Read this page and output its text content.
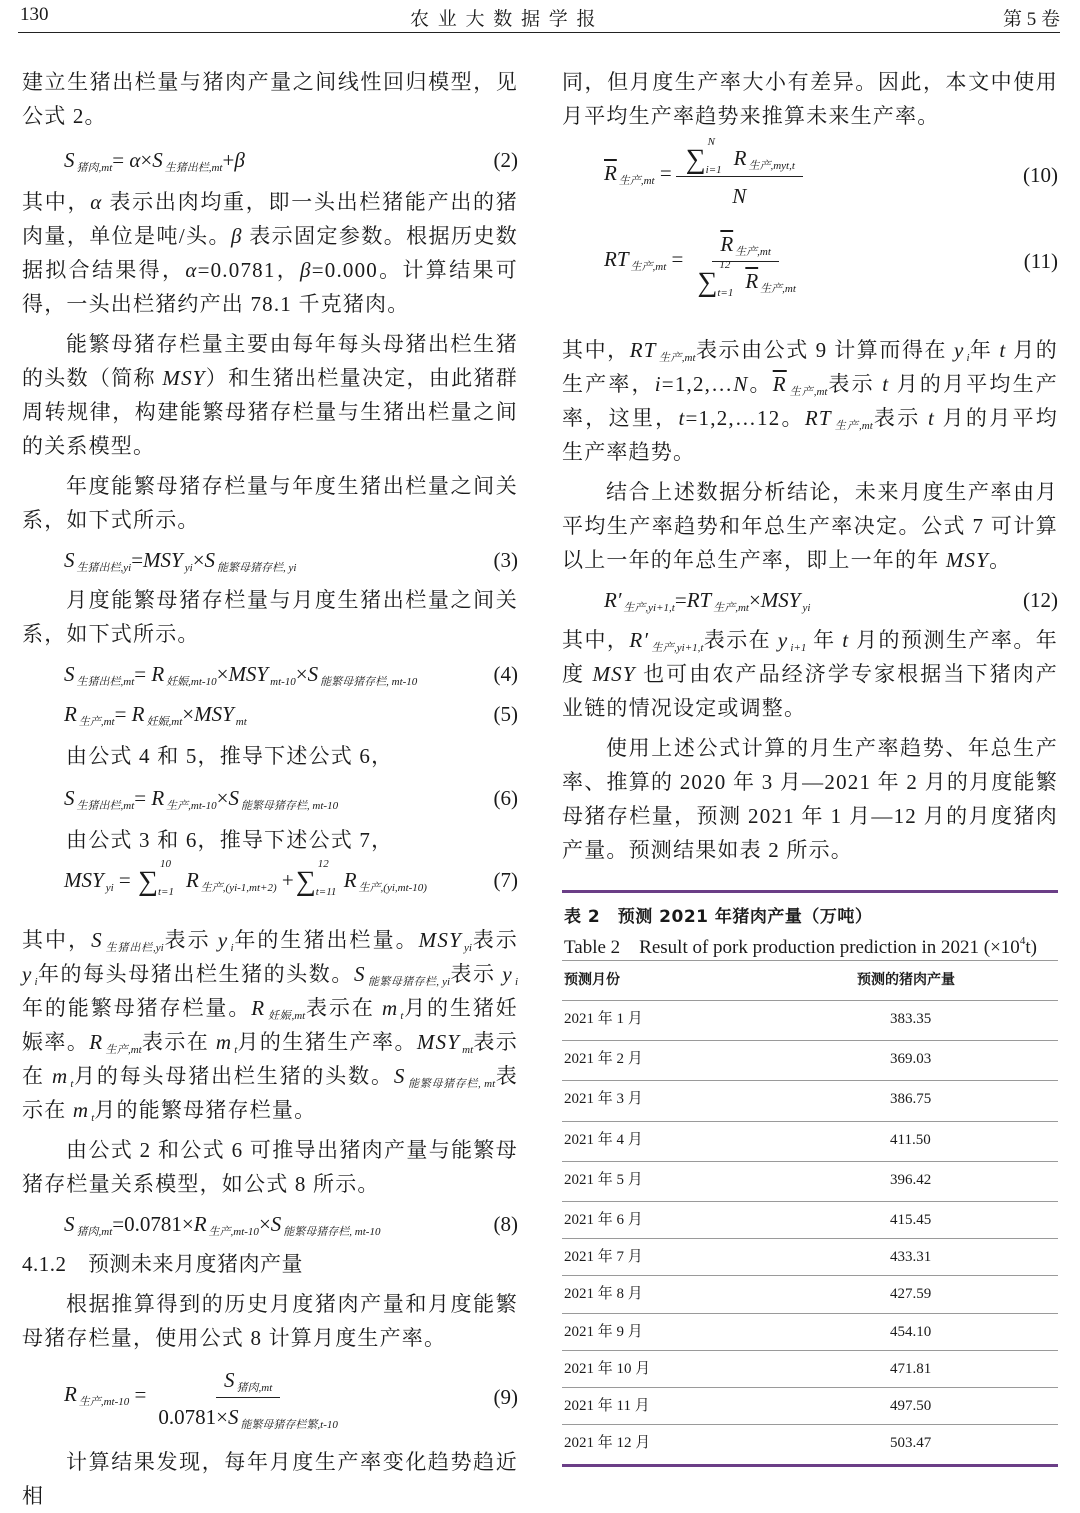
130	农 业 大 数 据 学 报	第 5 卷
建立生猪出栏量与猪肉产量之间线性回归模型，见公式 2。
S $_{猪肉,mt}$= α×S $_{生猪出栏,mt}$+β	(2)
其中，α 表示出肉均重，即一头出栏猪能产出的猪肉量，单位是吨/头。β 表示固定参数。根据历史数据拟合结果得，α=0.0781，β=0.000。计算结果可得，一头出栏猪约产出 78.1 千克猪肉。
能繁母猪存栏量主要由每年每头母猪出栏生猪的头数（简称 MSY）和生猪出栏量决定，由此猪群周转规律，构建能繁母猪存栏量与生猪出栏量之间的关系模型。
年度能繁母猪存栏量与年度生猪出栏量之间关系，如下式所示。
S $_{生猪出栏,yi}$=MSY $_{yi}$×S $_{能繁母猪存栏, yi}$	(3)
月度能繁母猪存栏量与月度生猪出栏量之间关系，如下式所示。
S $_{生猪出栏,mt}$= R $_{妊娠,mt-10}$×MSY $_{mt-10}$×S $_{能繁母猪存栏, mt-10}$	(4)
R $_{生产,mt}$= R $_{妊娠,mt}$×MSY $_{mt}$	(5)
由公式 4 和 5，推导下述公式 6，
S $_{生猪出栏,mt}$= R $_{生产,mt-10}$×S $_{能繁母猪存栏, mt-10}$	(6)
由公式 3 和 6，推导下述公式 7，
MSY $_{yi}$ = ∑
10
t=1 R $_{生产,(yi-1,mt+2)}$ +∑
12
t=11 R $_{生产,(yi,mt-10)}$	(7)
其中，S $_{生猪出栏,yi}$表示 y $_i$年的生猪出栏量。MSY $_{yi}$表示 y $_i$年的每头母猪出栏生猪的头数。S $_{能繁母猪存栏, yi}$表示 y $_i$年的能繁母猪存栏量。R $_{妊娠,mt}$表示在 m $_t$月的生猪妊娠率。R $_{生产,mt}$表示在 m $_t$月的生猪生产率。MSY $_{mt}$表示在 m $_t$月的每头母猪出栏生猪的头数。S $_{能繁母猪存栏, mt}$表示在 m $_t$月的能繁母猪存栏量。
由公式 2 和公式 6 可推导出猪肉产量与能繁母猪存栏量关系模型，如公式 8 所示。
S $_{猪肉,mt}$=0.0781×R $_{生产,mt-10}$×S $_{能繁母猪存栏, mt-10}$	(8)
4.1.2　预测未来月度猪肉产量
根据推算得到的历史月度猪肉产量和月度能繁母猪存栏量，使用公式 8 计算月度生产率。
R $_{生产,mt-10} = \frac{S _{猪肉,mt}}{0.0781\times S _{能繁母猪存栏繁,t-10}}$	(9)
计算结果发现，每年月度生产率变化趋势趋近相
同，但月度生产率大小有差异。因此，本文中使用月平均生产率趋势来推算未来生产率。
$\overline{R}$ $_{生产,mt}$ = ∑
N
i=1 R $_{生产,myt,t}$
N	(10)
RT $_{生产,mt} = \overline{R}$ $_{生产,mt}$
∑
12
t=1 $\overline{R}$ $_{生产,mt}$	(11)
其中，RT $_{生产,mt}$表示由公式 9 计算而得在 y $_i$年 t 月的生产率，i=1,2,…N。$\overline{R}$ $_{生产,mt}$表示 t 月的月平均生产率，这里，t=1,2,…12。RT $_{生产,mt}$表示 t 月的月平均生产率趋势。
结合上述数据分析结论，未来月度生产率由月平均生产率趋势和年总生产率决定。公式 7 可计算以上一年的年总生产率，即上一年的年 MSY。
R′ $_{生产,yi+1,t}$=RT $_{生产,mt}$×MSY $_{yi}$	(12)
其中，R′ $_{生产,yi+1,t}$表示在 y $_{i+1}$ 年 t 月的预测生产率。年度 MSY 也可由农产品经济学专家根据当下猪肉产业链的情况设定或调整。
使用上述公式计算的月生产率趋势、年总生产率、推算的 2020 年 3 月—2021 年 2 月的月度能繁母猪存栏量，预测 2021 年 1 月—12 月的月度猪肉产量。预测结果如表 2 所示。
表 2　预测 2021 年猪肉产量（万吨）
Table 2　Result of pork production prediction in 2021 $(\times 10^4t)$
预测月份	预测的猪肉产量
2021 年 1 月	383.35
2021 年 2 月	369.03
2021 年 3 月	386.75
2021 年 4 月	411.50
2021 年 5 月	396.42
2021 年 6 月	415.45
2021 年 7 月	433.31
2021 年 8 月	427.59
2021 年 9 月	454.10
2021 年 10 月	471.81
2021 年 11 月	497.50
2021 年 12 月	503.47
